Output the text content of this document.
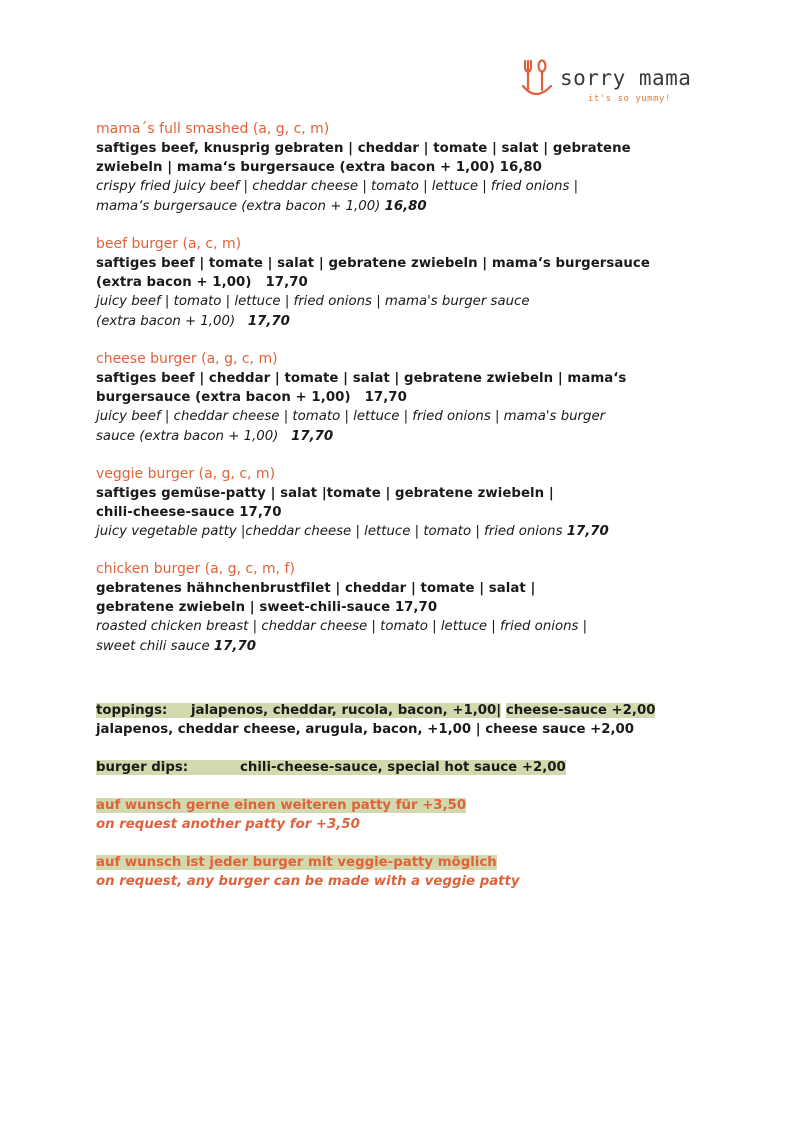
sorry mama
it's so yummy!

mama´s full smashed (a, g, c, m)

saftiges beef, knusprig gebraten | cheddar | tomate | salat | gebratene
zwiebeln | mama‘s burgersauce (extra bacon + 1,00) 16,80

crispy fried juicy beef | cheddar cheese | tomato | lettuce | fried onions |
mama‘s burgersauce (extra bacon + 1,00) 16,80

beef burger (a, c, m)

saftiges beef | tomate | salat | gebratene zwiebeln | mama‘s burgersauce
(extra bacon + 1,00)   17,70

juicy beef | tomato | lettuce | fried onions | mama's burger sauce
(extra bacon + 1,00) 17,70

cheese burger (a, g, c, m)

saftiges beef | cheddar | tomate | salat | gebratene zwiebeln | mama‘s
burgersauce (extra bacon + 1,00)   17,70

juicy beef | cheddar cheese | tomato | lettuce | fried onions | mama's burger
sauce (extra bacon + 1,00) 17,70

veggie burger (a, g, c, m)

saftiges gemüse-patty | salat |tomate | gebratene zwiebeln |
chili-cheese-sauce 17,70

juicy vegetable patty |cheddar cheese | lettuce | tomato | fried onions 17,70

chicken burger (a, g, c, m, f)

gebratenes hähnchenbrustfilet | cheddar | tomate | salat |
gebratene zwiebeln | sweet-chili-sauce 17,70

roasted chicken breast | cheddar cheese | tomato | lettuce | fried onions |
sweet chili sauce 17,70

toppings: jalapenos, cheddar, rucola, bacon, +1,00| cheese-sauce +2,00

jalapenos, cheddar cheese, arugula, bacon, +1,00 | cheese sauce +2,00

burger dips:	chili-cheese-sauce, special hot sauce +2,00

auf wunsch gerne einen weiteren patty für +3,50

on request another patty for +3,50

auf wunsch ist jeder burger mit veggie-patty möglich

on request, any burger can be made with a veggie patty
